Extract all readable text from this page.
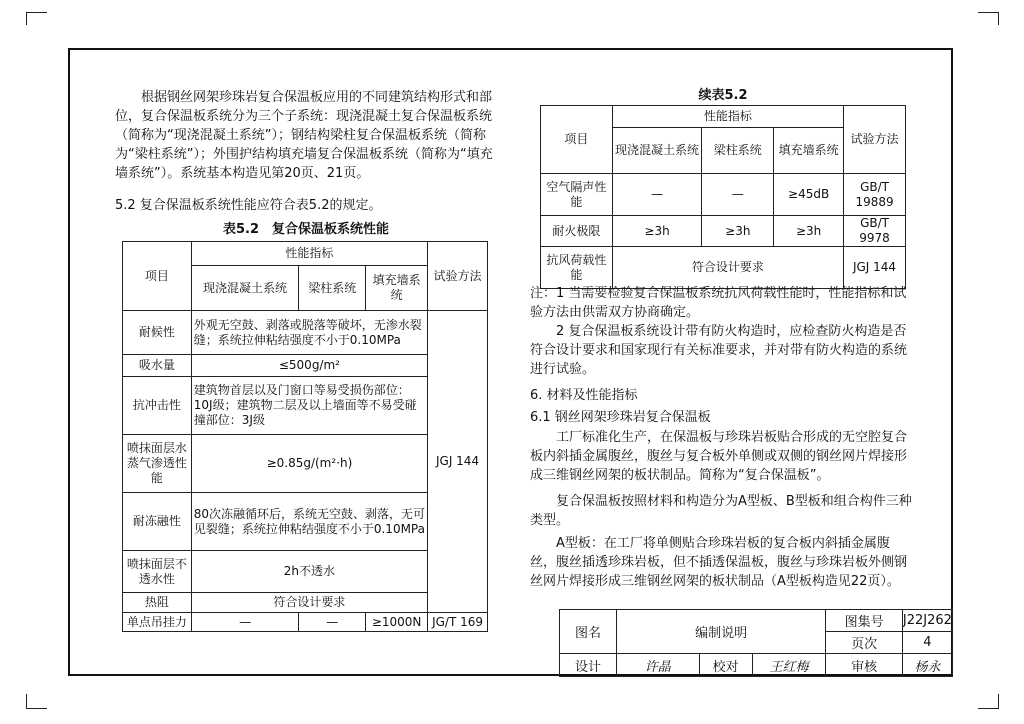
根据钢丝网架珍珠岩复合保温板应用的不同建筑结构形式和部位，复合保温板系统分为三个子系统：现浇混凝土复合保温板系统（简称为“现浇混凝土系统”）；钢结构梁柱复合保温板系统（简称为“梁柱系统”）；外围护结构填充墙复合保温板系统（简称为“填充墙系统”）。系统基本构造见第20页、21页。
5.2 复合保温板系统性能应符合表5.2的规定。
表5.2　复合保温板系统性能
项目	性能指标			试验方法
	现浇混凝土系统	梁柱系统	填充墙系统	
耐候性	外观无空鼓、剥落或脱落等破坏，无渗水裂缝；系统拉伸粘结强度不小于0.10MPa			JGJ 144
吸水量	≤500g/m²			
抗冲击性	建筑物首层以及门窗口等易受损伤部位：10J级；建筑物二层及以上墙面等不易受碰撞部位：3J级			
喷抹面层水蒸气渗透性能	≥0.85g/(m²·h)			
耐冻融性	80次冻融循环后，系统无空鼓、剥落，无可见裂缝；系统拉伸粘结强度不小于0.10MPa			
喷抹面层不透水性	2h不透水			
热阻	符合设计要求			
单点吊挂力	—	—	≥1000N	JG/T 169
续表5.2
项目	性能指标			试验方法
	现浇混凝土系统	梁柱系统	填充墙系统	
空气隔声性能	—	—	≥45dB	GB/T 19889
耐火极限	≥3h	≥3h	≥3h	GB/T 9978
抗风荷载性能	符合设计要求			JGJ 144
注：1 当需要检验复合保温板系统抗风荷载性能时，性能指标和试验方法由供需双方协商确定。
2 复合保温板系统设计带有防火构造时，应检查防火构造是否符合设计要求和国家现行有关标准要求，并对带有防火构造的系统进行试验。
6. 材料及性能指标
6.1 钢丝网架珍珠岩复合保温板
工厂标准化生产，在保温板与珍珠岩板贴合形成的无空腔复合板内斜插金属腹丝，腹丝与复合板外单侧或双侧的钢丝网片焊接形成三维钢丝网架的板状制品。简称为“复合保温板”。
复合保温板按照材料和构造分为A型板、B型板和组合构件三种类型。
A型板：在工厂将单侧贴合珍珠岩板的复合板内斜插金属腹丝，腹丝插透珍珠岩板，但不插透保温板，腹丝与珍珠岩板外侧钢丝网片焊接形成三维钢丝网架的板状制品（A型板构造见22页）。
图名	编制说明			图集号	J22J262
				页次	4
设计	许晶	校对	王红梅	审核	杨永
